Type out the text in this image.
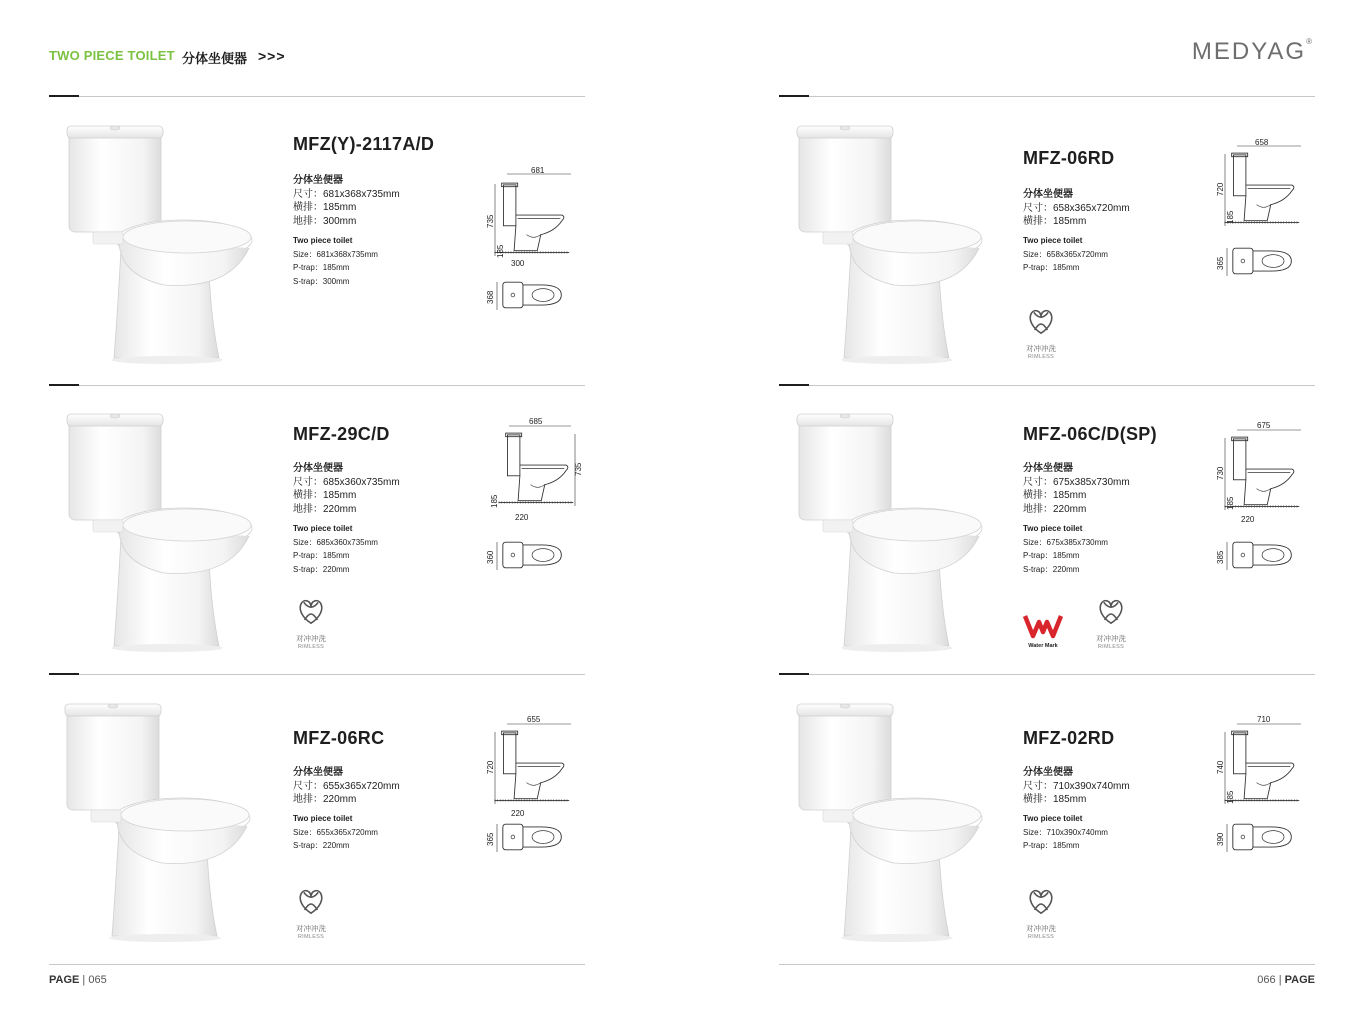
TWO PIECE TOILET 分体坐便器 >>>	MEDYAG®
MFZ(Y)-2117A/D
分体坐便器
尺寸：681x368x735mm
横排：185mm
地排：300mm
Two piece toilet
Size：681x368x735mm
P-trap：185mm
S-trap：300mm
681
735
185
300
368
MFZ-06RD
分体坐便器
尺寸：658x365x720mm
横排：185mm
Two piece toilet
Size：658x365x720mm
P-trap：185mm
对冲冲洗
RIMLESS
658
720
185
365
MFZ-29C/D
分体坐便器
尺寸：685x360x735mm
横排：185mm
地排：220mm
Two piece toilet
Size：685x360x735mm
P-trap：185mm
S-trap：220mm
对冲冲洗
RIMLESS
685
735
185
220
360
MFZ-06C/D(SP)
分体坐便器
尺寸：675x385x730mm
横排：185mm
地排：220mm
Two piece toilet
Size：675x385x730mm
P-trap：185mm
S-trap：220mm
Water Mark
对冲冲洗
RIMLESS
675
730
185
220
385
MFZ-06RC
分体坐便器
尺寸：655x365x720mm
地排：220mm
Two piece toilet
Size：655x365x720mm
S-trap：220mm
对冲冲洗
RIMLESS
655
720
220
365
MFZ-02RD
分体坐便器
尺寸：710x390x740mm
横排：185mm
Two piece toilet
Size：710x390x740mm
P-trap：185mm
对冲冲洗
RIMLESS
710
740
185
390
PAGE | 065	066 | PAGE
